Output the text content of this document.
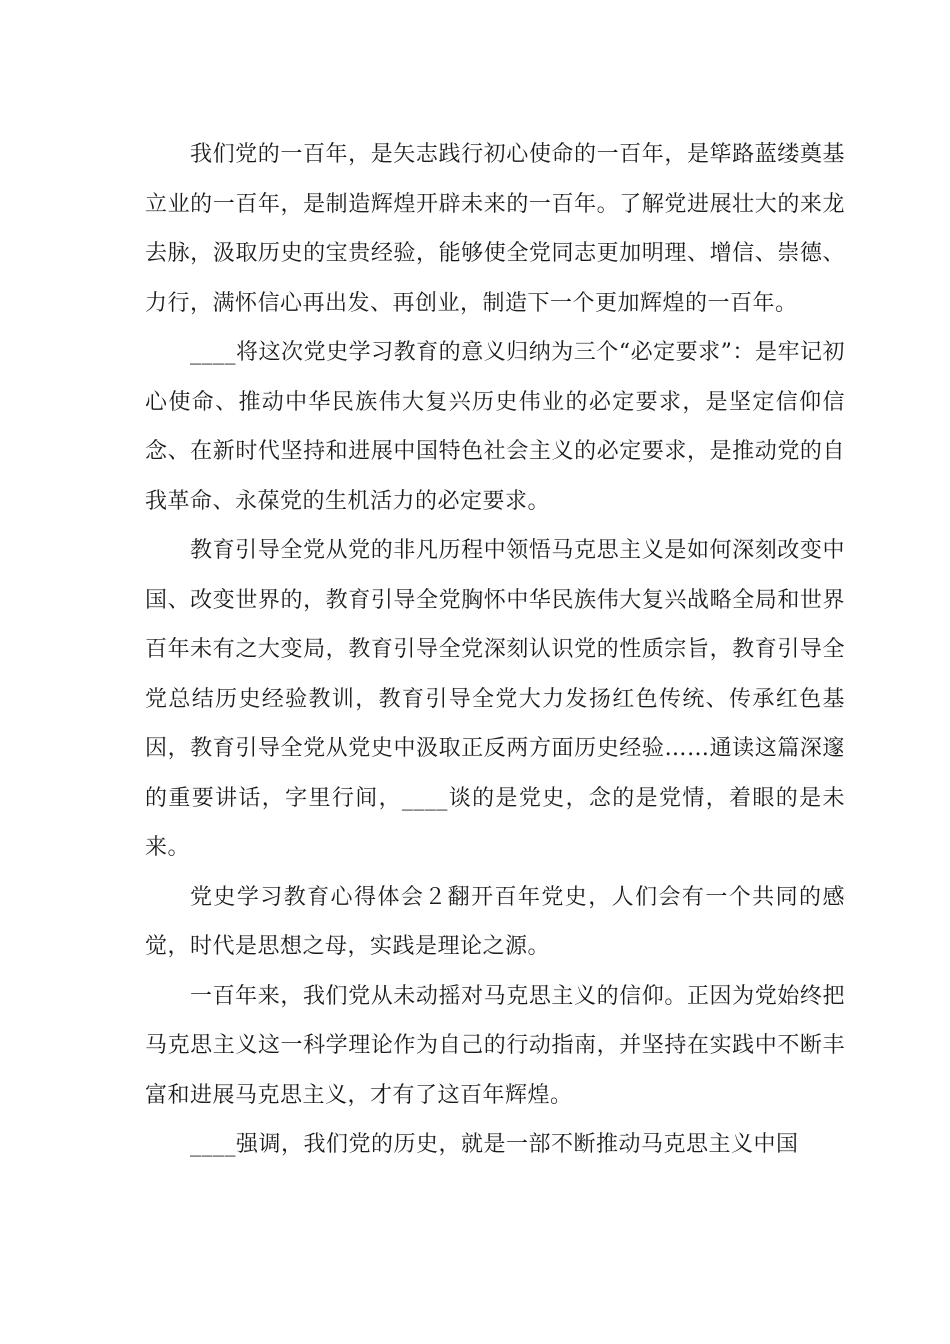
我们党的一百年，是矢志践行初心使命的一百年，是筚路蓝缕奠基立业的一百年，是制造辉煌开辟未来的一百年。了解党进展壮大的来龙去脉，汲取历史的宝贵经验，能够使全党同志更加明理、增信、崇德、力行，满怀信心再出发、再创业，制造下一个更加辉煌的一百年。

____将这次党史学习教育的意义归纳为三个“必定要求”：是牢记初心使命、推动中华民族伟大复兴历史伟业的必定要求，是坚定信仰信念、在新时代坚持和进展中国特色社会主义的必定要求，是推动党的自我革命、永葆党的生机活力的必定要求。

教育引导全党从党的非凡历程中领悟马克思主义是如何深刻改变中国、改变世界的，教育引导全党胸怀中华民族伟大复兴战略全局和世界百年未有之大变局，教育引导全党深刻认识党的性质宗旨，教育引导全党总结历史经验教训，教育引导全党大力发扬红色传统、传承红色基因，教育引导全党从党史中汲取正反两方面历史经验……通读这篇深邃的重要讲话，字里行间，____谈的是党史，念的是党情，着眼的是未来。

党史学习教育心得体会２翻开百年党史，人们会有一个共同的感觉，时代是思想之母，实践是理论之源。

一百年来，我们党从未动摇对马克思主义的信仰。正因为党始终把马克思主义这一科学理论作为自己的行动指南，并坚持在实践中不断丰富和进展马克思主义，才有了这百年辉煌。

____强调，我们党的历史，就是一部不断推动马克思主义中国
